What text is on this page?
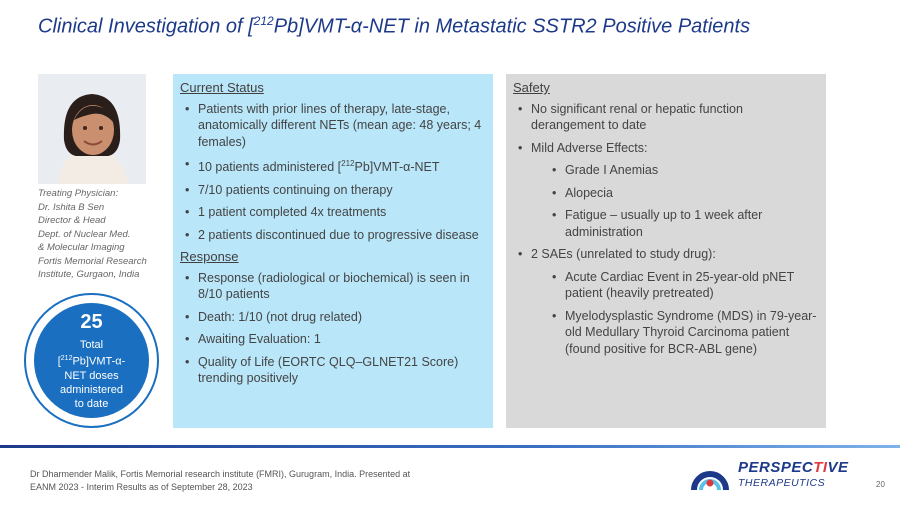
Clinical Investigation of [$^{212}$Pb]VMT-α-NET in Metastatic SSTR2 Positive Patients
Treating Physician:
Dr. Ishita B Sen
Director & Head
Dept. of Nuclear Med.
& Molecular Imaging
Fortis Memorial Research
Institute, Gurgaon, India
25
Total
[$^{212}$Pb]VMT-α-
NET doses
administered
to date
Current Status
• Patients with prior lines of therapy, late-stage, anatomically different NETs (mean age: 48 years; 4 females)
• 10 patients administered [$^{212}$Pb]VMT-α-NET
• 7/10 patients continuing on therapy
• 1 patient completed 4x treatments
• 2 patients discontinued due to progressive disease
Response
• Response (radiological or biochemical) is seen in 8/10 patients
• Death: 1/10 (not drug related)
• Awaiting Evaluation: 1
• Quality of Life (EORTC QLQ–GLNET21 Score) trending positively
Safety
• No significant renal or hepatic function derangement to date
• Mild Adverse Effects:
• Grade I Anemias
• Alopecia
• Fatigue – usually up to 1 week after administration
• 2 SAEs (unrelated to study drug):
• Acute Cardiac Event in 25-year-old pNET patient (heavily pretreated)
• Myelodysplastic Syndrome (MDS) in 79-year-old Medullary Thyroid Carcinoma patient (found positive for BCR-ABL gene)
Dr Dharmender Malik, Fortis Memorial research institute (FMRI), Gurugram, India. Presented at
EANM 2023 - Interim Results as of September 28, 2023
PERSPECTIVE
THERAPEUTICS	20
